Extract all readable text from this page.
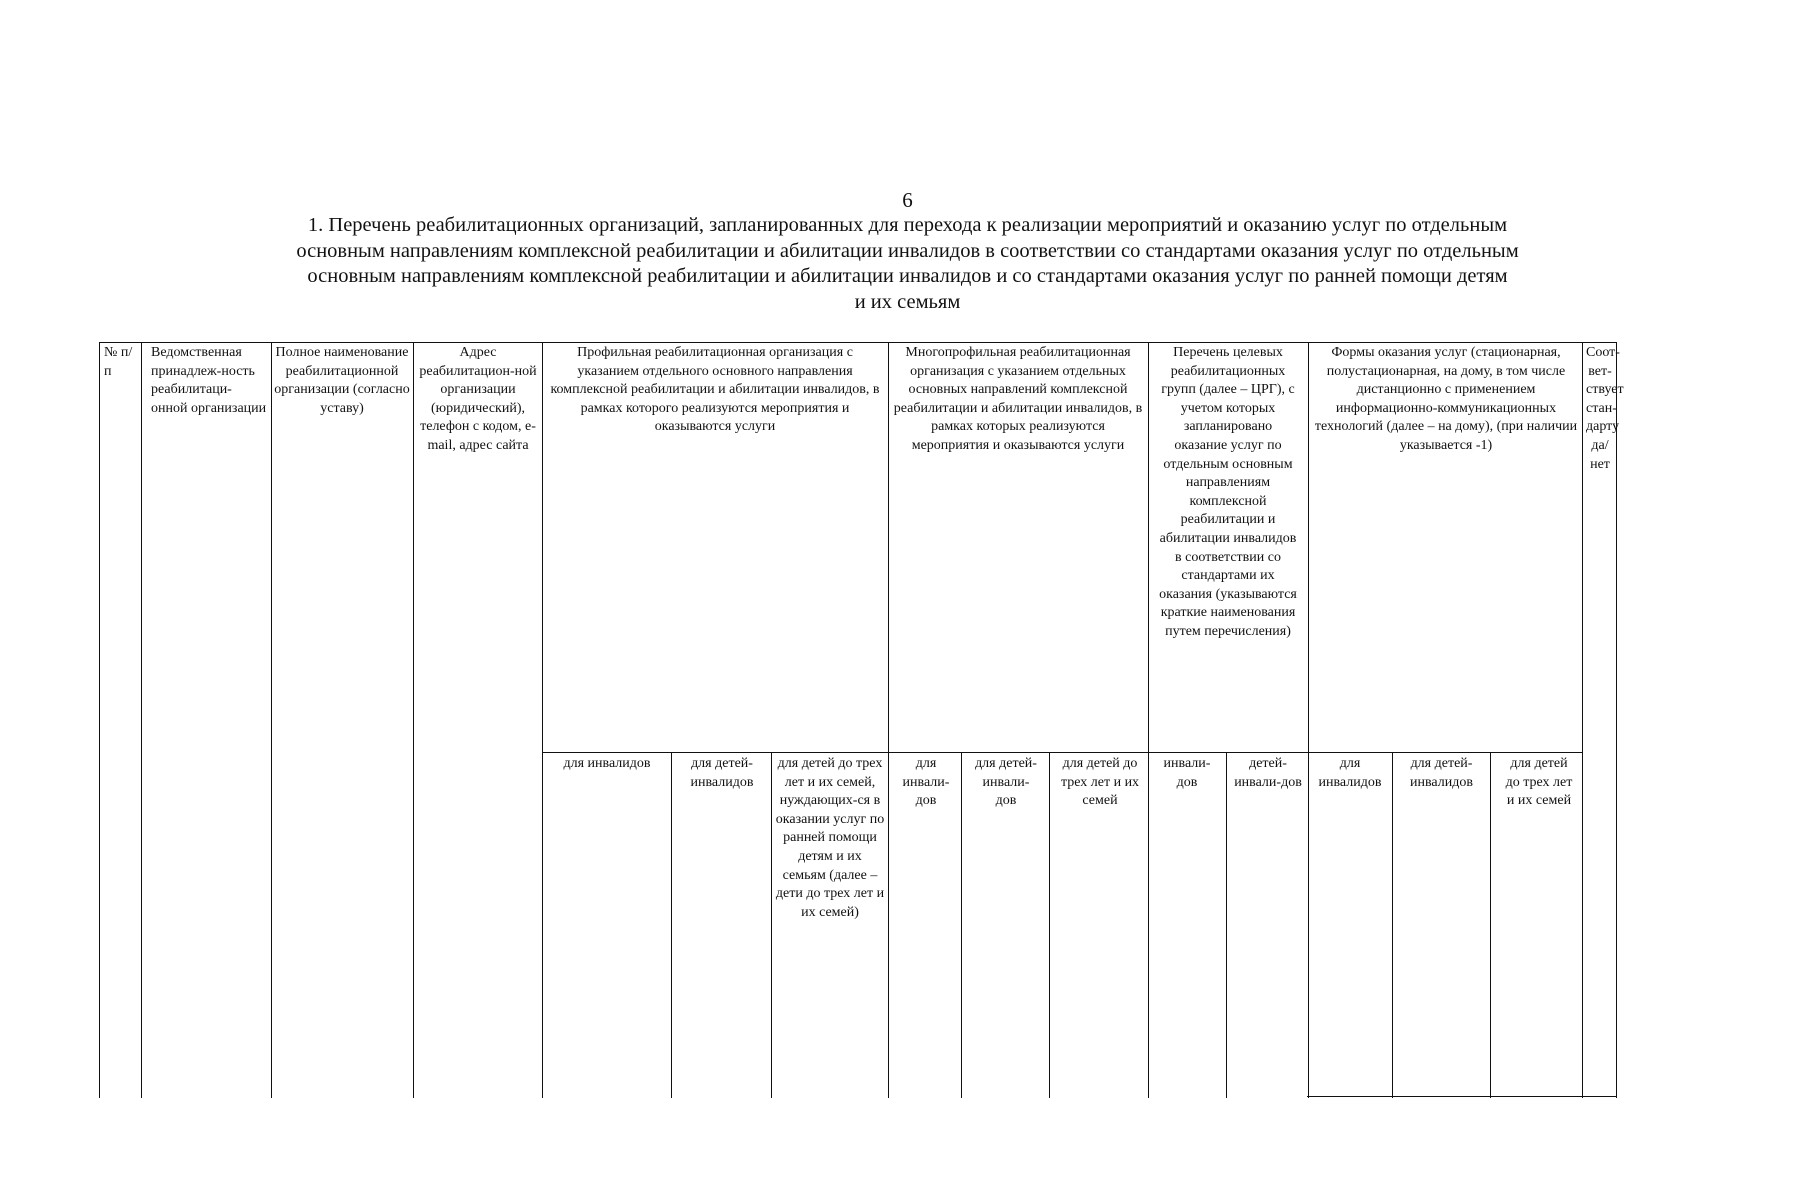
6
1. Перечень реабилитационных организаций, запланированных для перехода к реализации мероприятий и оказанию услуг по отдельным
основным направлениям комплексной реабилитации и абилитации инвалидов в соответствии со стандартами оказания услуг по отдельным
основным направлениям комплексной реабилитации и абилитации инвалидов и со стандартами оказания услуг по ранней помощи детям
и их семьям
№ п/п
Ведомственная принадлеж-ность реабилитаци-онной организации
Полное наименование реабилитационной организации (согласно уставу)
Адрес реабилитацион-ной организации (юридический), телефон с кодом, e-mail, адрес сайта
Профильная реабилитационная организация с указанием отдельного основного направления комплексной реабилитации и абилитации инвалидов, в рамках которого реализуются мероприятия и оказываются услуги
Многопрофильная реабилитационная организация с указанием отдельных основных направлений комплексной реабилитации и абилитации инвалидов, в рамках которых реализуются мероприятия и оказываются услуги
Перечень целевых реабилитационных групп (далее – ЦРГ), с учетом которых запланировано оказание услуг по отдельным основным направлениям комплексной реабилитации и абилитации инвалидов в соответствии со стандартами их оказания (указываются краткие наименования путем перечисления)
Формы оказания услуг (стационарная, полустационарная, на дому, в том числе дистанционно с применением информационно-коммуникационных технологий (далее – на дому), (при наличии указывается -1)
Соот-вет-ствует стан-дарту да/ нет
для инвалидов	для детей-инвалидов
для детей до трех лет и их семей, нуждающих-ся в оказании услуг по ранней помощи детям и их семьям (далее – дети до трех лет и их семей)
для инвали-дов
для детей-инвали-дов
для детей до трех лет и их семей
инвали-дов
детей-инвали-дов
для инвалидов
для детей-инвалидов
для детей до трех лет и их семей
